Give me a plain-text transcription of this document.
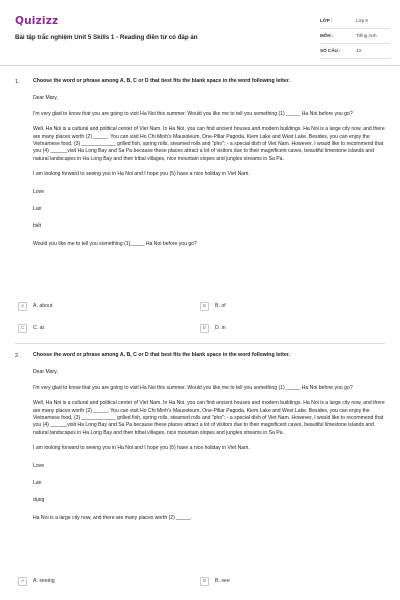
Quizizz
Bài tập trắc nghiệm Unit 5 Skills 1 - Reading điền từ có đáp án
LỚP :	Lớp 6
MÔN :	Tiếng Anh
SỐ CÂU :	13
1.	Choose the word or phrase among A, B, C or D that best fits the blank space in the word following letter.

Dear Mary,

I'm very glad to know that you are going to visit Ha Noi this summer. Would you like me to tell you something (1) _____ Ha Noi before you go?

Well, Ha Noi is a cultural and political center of Viet Nam. In Ha Noi, you can find ancient houses and modern buildings. Ha Noi is a large city now, and there are many places worth (2) _____. You can visit Ho Chi Minh's Mausoleum, One-Pillar Pagoda, Kiem Lake and West Lake. Besides, you can enjoy the Vietnamese food, (3) ____________ grilled fish, spring rolls, steamed rolls and "pho"; - a special dish of Viet Nam. However, I would like to recommend that you (4) ______visit Ha Long Bay and Sa Pa because these places attract a lot of visitors due to their magnificent caves, beautiful limestone islands and natural landscapes in Ha Long Bay and their tribal villages, nice mountain slopes and jungles streams in Sa Pa.

I am looking forward to seeing you in Ha Noi and I hope you (5) have a nice holiday in Viet Nam.

Love

Lan

biết

Would you like me to tell you something (1)_____ Ha Noi before you go?

A	A. about	B	B. of
C	C. at	D	D. in
2.	Choose the word or phrase among A, B, C or D that best fits the blank space in the word following letter.

Dear Mary,

I'm very glad to know that you are going to visit Ha Noi this summer. Would you like me to tell you something (1) _____ Ha Noi before you go?

Well, Ha Noi is a cultural and political center of Viet Nam. In Ha Noi, you can find ancient houses and modern buildings. Ha Noi is a large city now, and there are many places worth (2) _____. You can visit Ho Chi Minh's Mausoleum, One-Pillar Pagoda, Kiem Lake and West Lake. Besides, you can enjoy the Vietnamese food, (3) ____________ grilled fish, spring rolls, steamed rolls and "pho"; - a special dish of Viet Nam. However, I would like to recommend that you (4) ______visit Ha Long Bay and Sa Pa because these places attract a lot of visitors due to their magnificent caves, beautiful limestone islands and natural landscapes in Ha Long Bay and their tribal villages, nice mountain slopes and jungles streams in Sa Pa.

I am looking forward to seeing you in Ha Noi and I hope you (5) have a nice holiday in Viet Nam.

Love

Lan

dụng

Ha Noi is a large city now, and there are many places worth (2) _____.

A	A. seeing	B	B. see
